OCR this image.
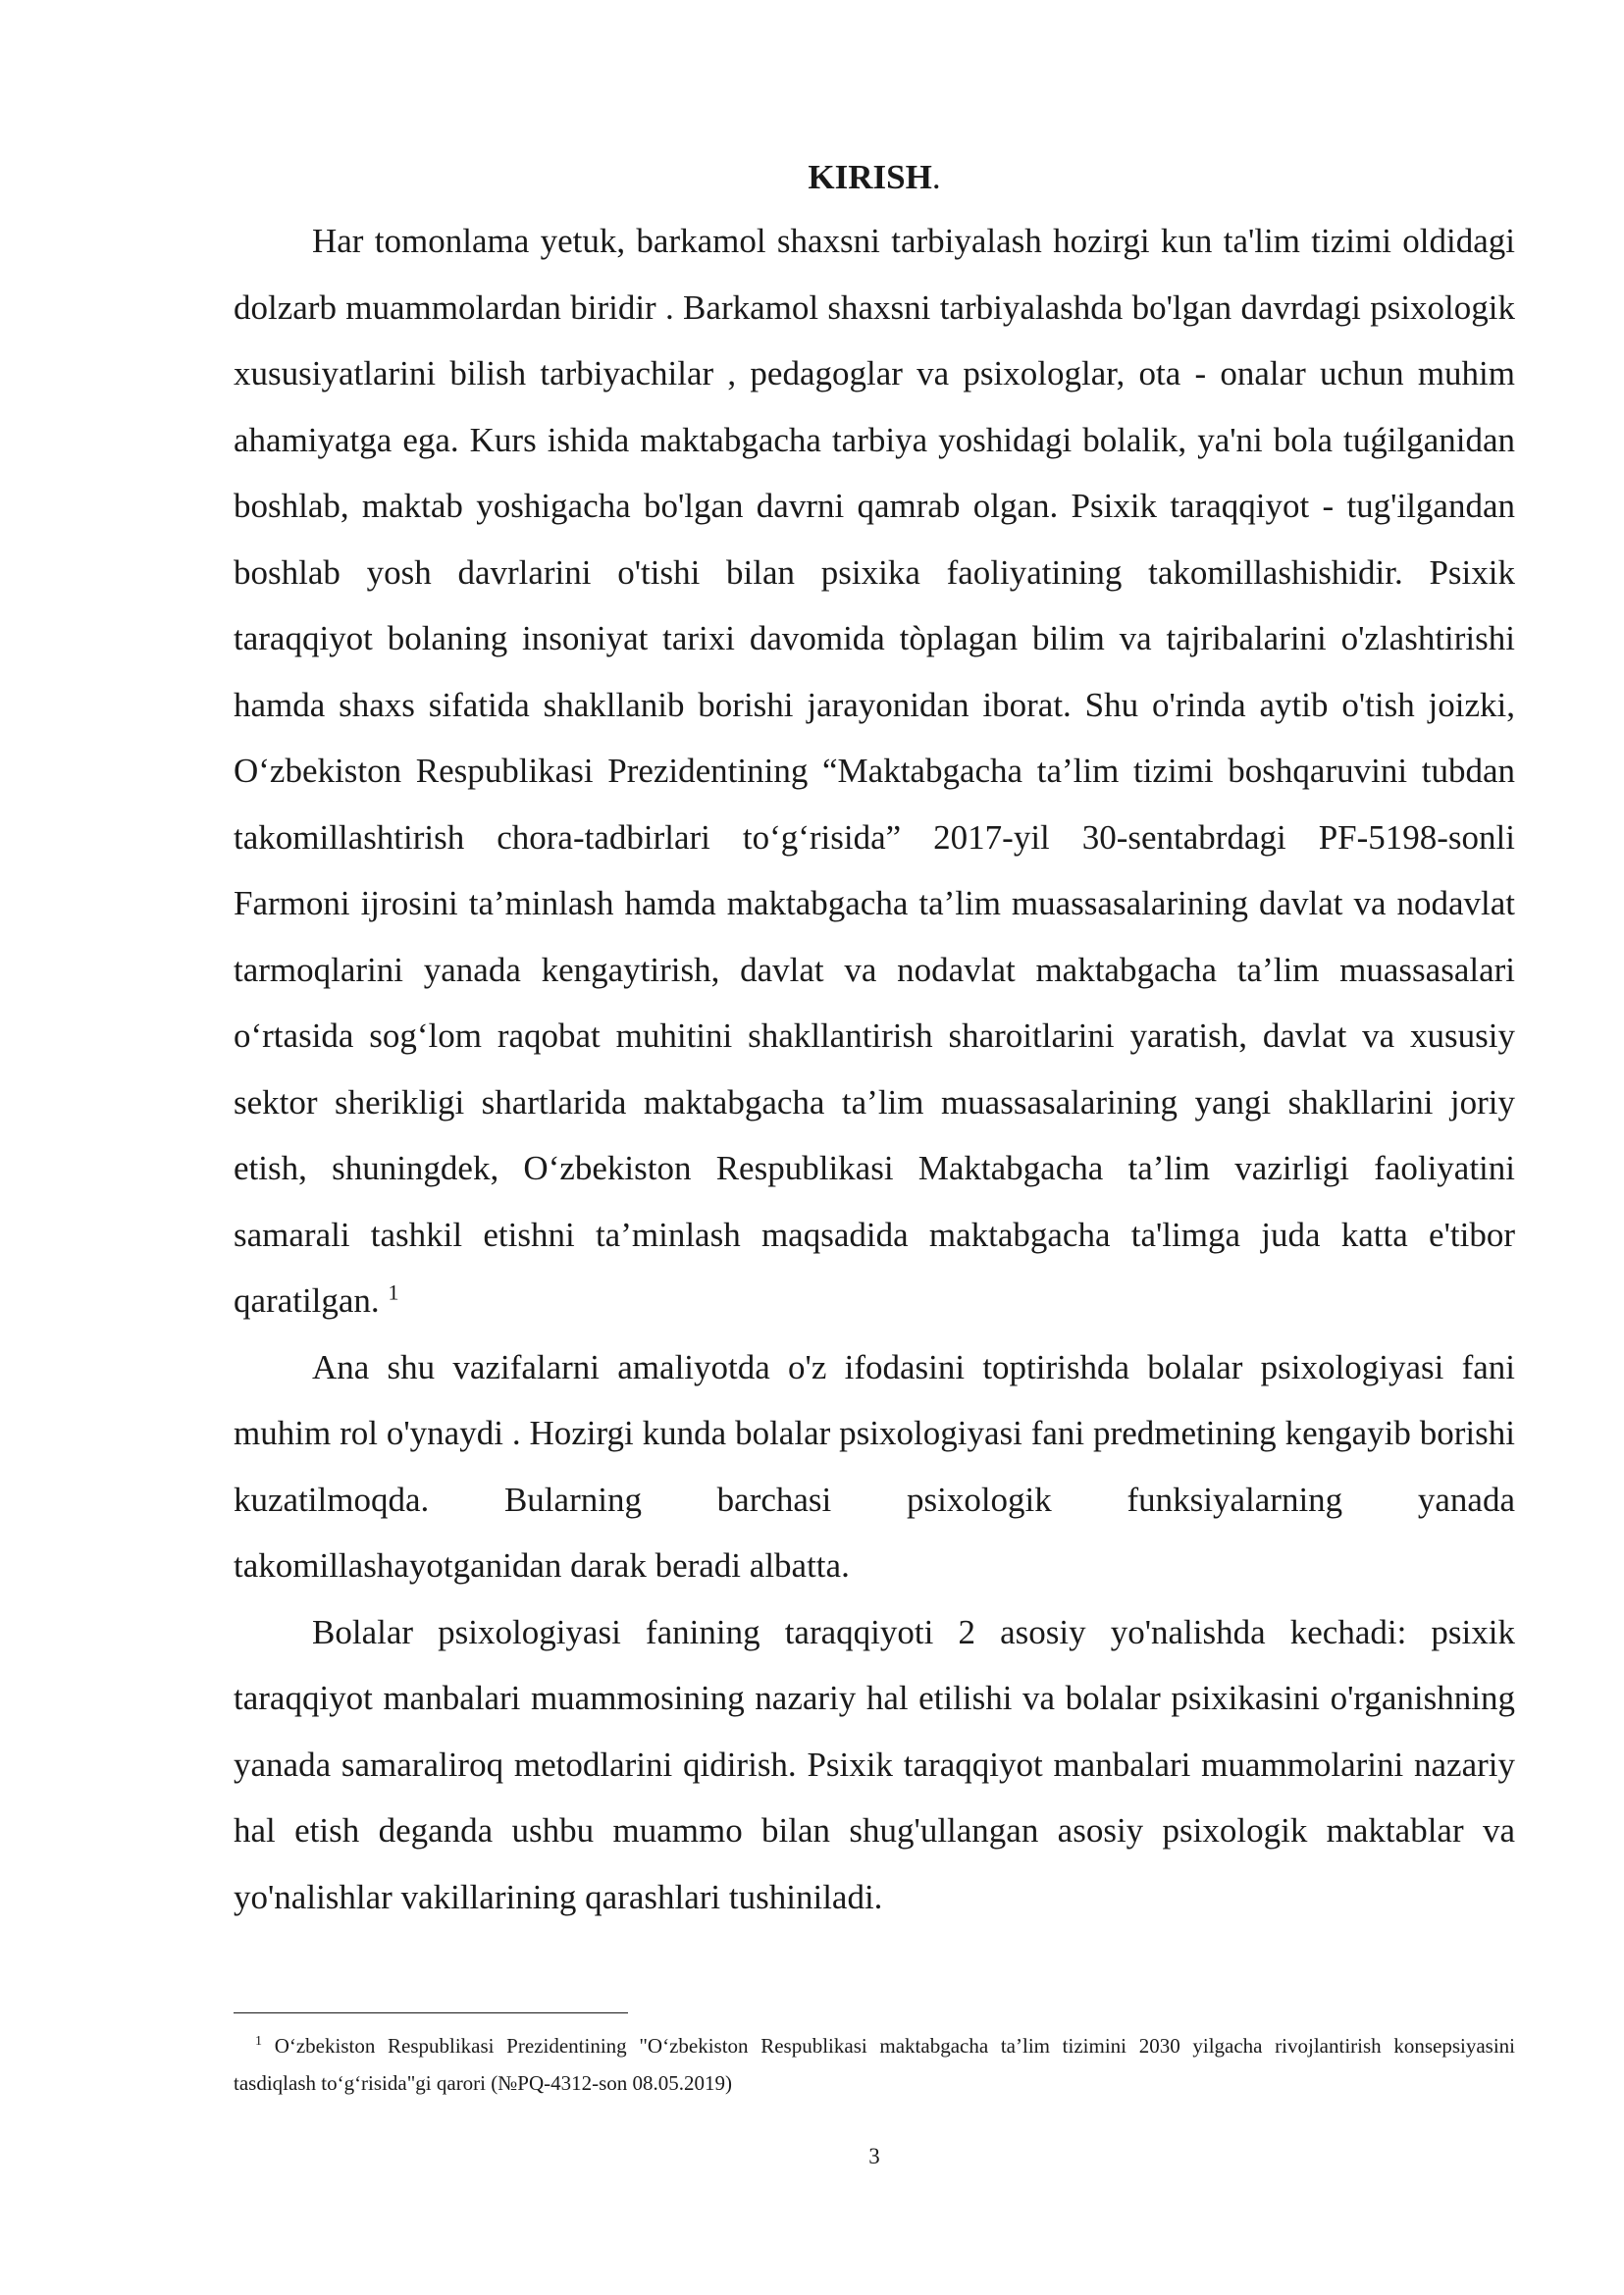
KIRISH.

Har tomonlama yetuk, barkamol shaxsni tarbiyalash hozirgi kun ta'lim tizimi oldidagi dolzarb muammolardan biridir . Barkamol shaxsni tarbiyalashda bo'lgan davrdagi psixologik xususiyatlarini bilish tarbiyachilar , pedagoglar va psixologlar, ota - onalar uchun muhim ahamiyatga ega. Kurs ishida maktabgacha tarbiya yoshidagi bolalik, ya'ni bola tuǵilganidan boshlab, maktab yoshigacha bo'lgan davrni qamrab olgan. Psixik taraqqiyot - tug'ilgandan boshlab yosh davrlarini o'tishi bilan psixika faoliyatining takomillashishidir. Psixik taraqqiyot bolaning insoniyat tarixi davomida tòplagan bilim va tajribalarini o'zlashtirishi hamda shaxs sifatida shakllanib borishi jarayonidan iborat. Shu o'rinda aytib o'tish joizki, O‘zbekiston Respublikasi Prezidentining “Maktabgacha ta’lim tizimi boshqaruvini tubdan takomillashtirish chora-tadbirlari to‘g‘risida” 2017-yil 30-sentabrdagi PF-5198-sonli Farmoni ijrosini ta’minlash hamda maktabgacha ta’lim muassasalarining davlat va nodavlat tarmoqlarini yanada kengaytirish, davlat va nodavlat maktabgacha ta’lim muassasalari o‘rtasida sog‘lom raqobat muhitini shakllantirish sharoitlarini yaratish, davlat va xususiy sektor sherikligi shartlarida maktabgacha ta’lim muassasalarining yangi shakllarini joriy etish, shuningdek, O‘zbekiston Respublikasi Maktabgacha ta’lim vazirligi faoliyatini samarali tashkil etishni ta’minlash maqsadida maktabgacha ta'limga juda katta e'tibor qaratilgan. $^1$

Ana shu vazifalarni amaliyotda o'z ifodasini toptirishda bolalar psixologiyasi fani muhim rol o'ynaydi . Hozirgi kunda bolalar psixologiyasi fani predmetining kengayib borishi kuzatilmoqda. Bularning barchasi psixologik funksiyalarning yanada takomillashayotganidan darak beradi albatta.

Bolalar psixologiyasi fanining taraqqiyoti 2 asosiy yo'nalishda kechadi: psixik taraqqiyot manbalari muammosining nazariy hal etilishi va bolalar psixikasini o'rganishning yanada samaraliroq metodlarini qidirish. Psixik taraqqiyot manbalari muammolarini nazariy hal etish deganda ushbu muammo bilan shug'ullangan asosiy psixologik maktablar va yo'nalishlar vakillarining qarashlari tushiniladi.

$^1$ O‘zbekiston Respublikasi Prezidentining "O‘zbekiston Respublikasi maktabgacha ta’lim tizimini 2030 yilgacha rivojlantirish konsepsiyasini tasdiqlash to‘g‘risida"gi qarori (№PQ-4312-son 08.05.2019)

3
